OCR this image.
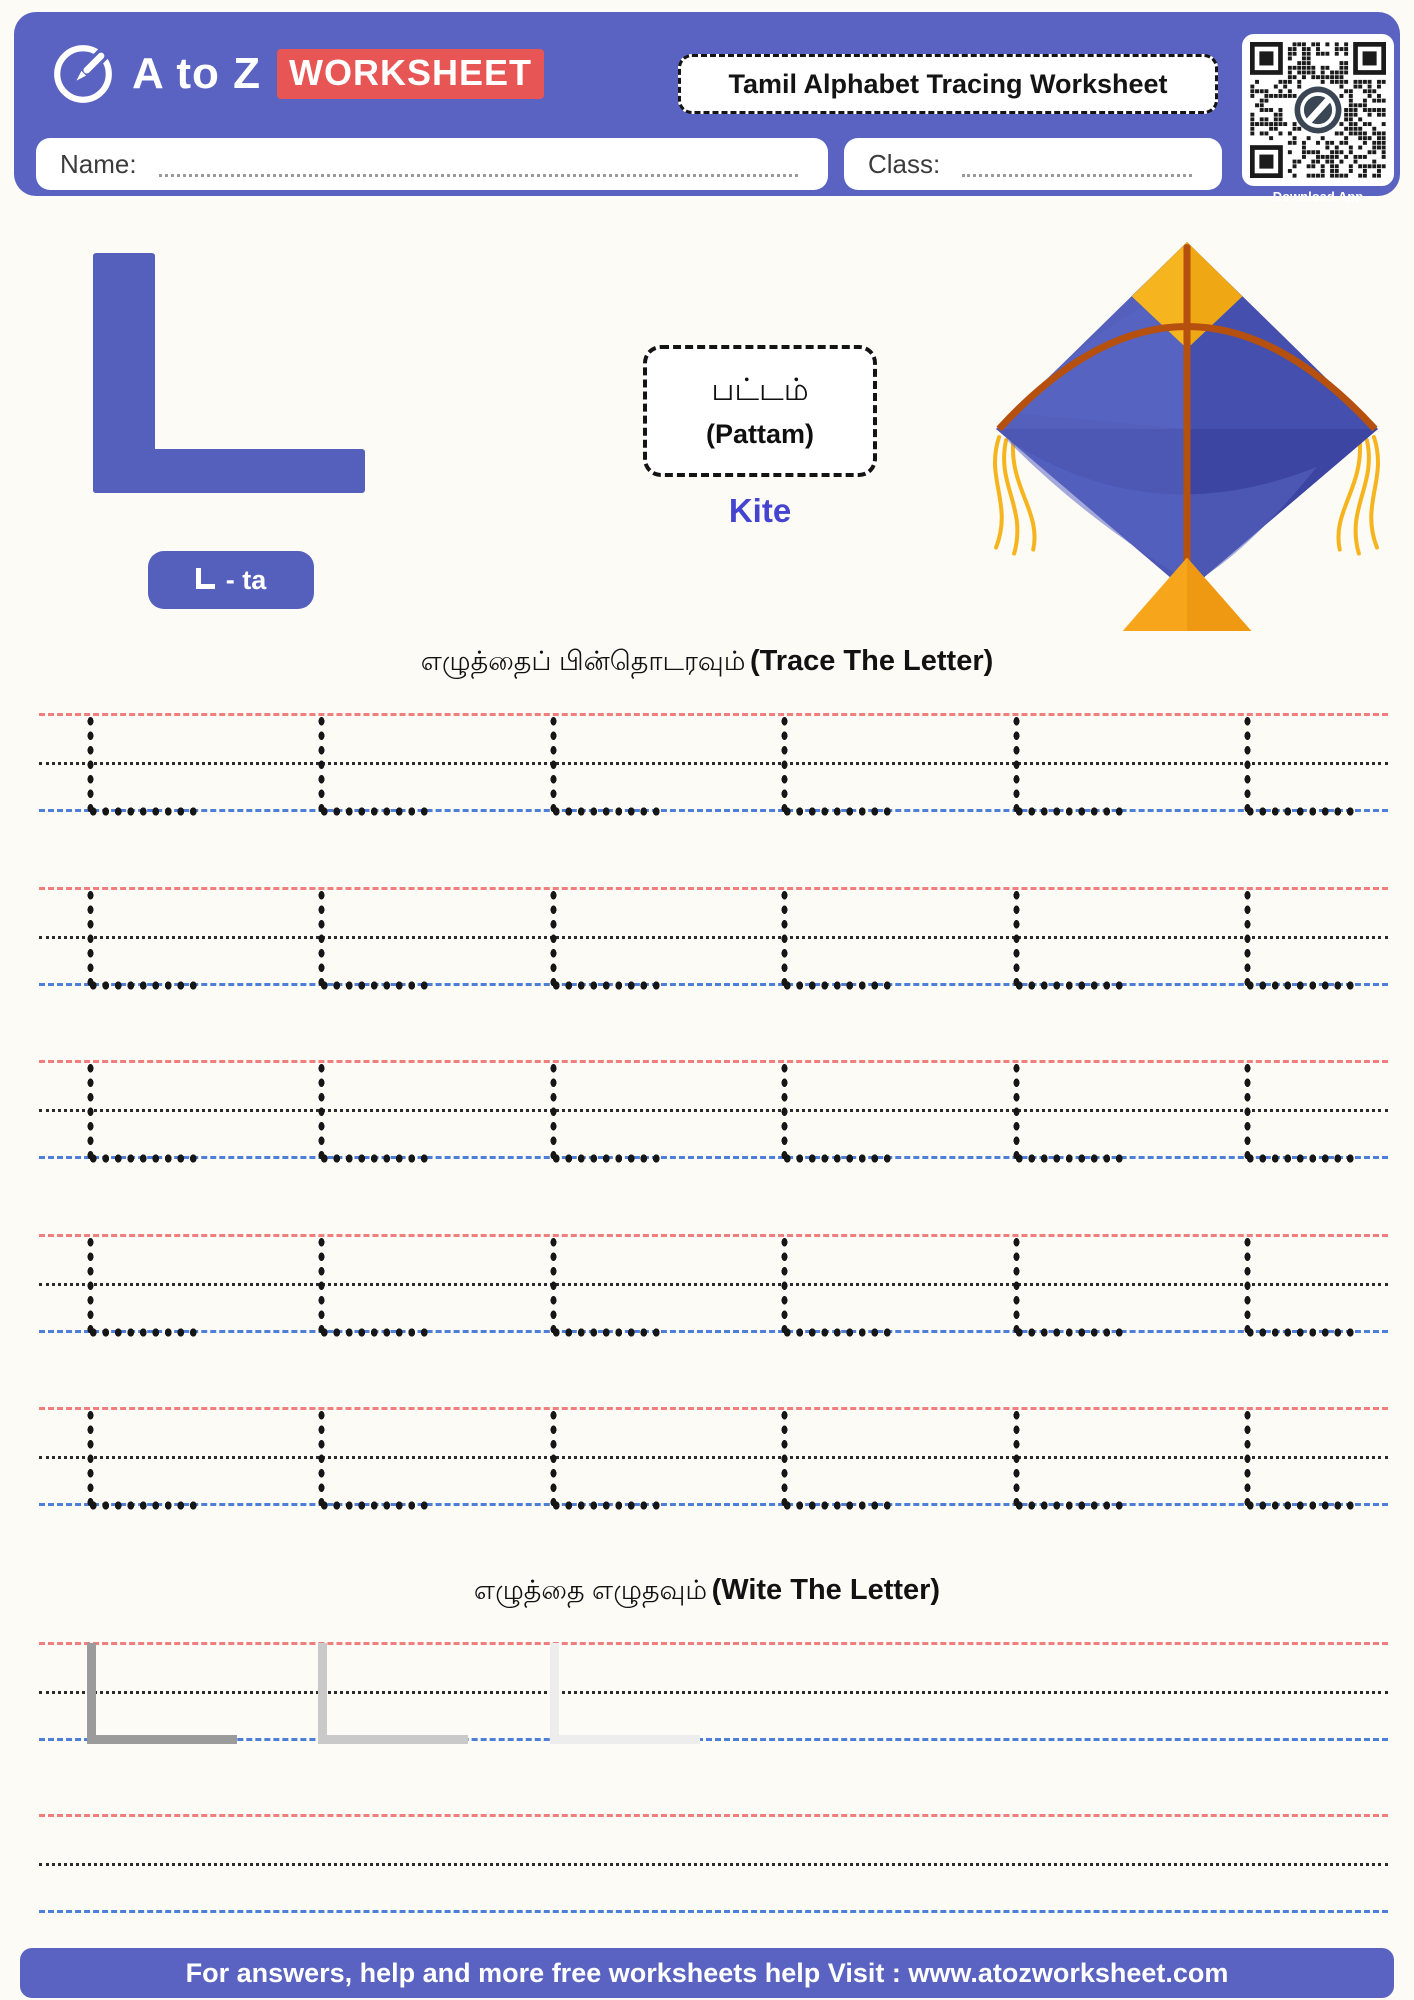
A to Z WORKSHEET	Tamil Alphabet Tracing Worksheet
Name:	Class:
Download App
- ta
பட்டம்
(Pattam)
Kite
எழுத்தைப் பின்தொடரவும் (Trace The Letter)
எழுத்தை எழுதவும் (Wite The Letter)
For answers, help and more free worksheets help Visit : www.atozworksheet.com
